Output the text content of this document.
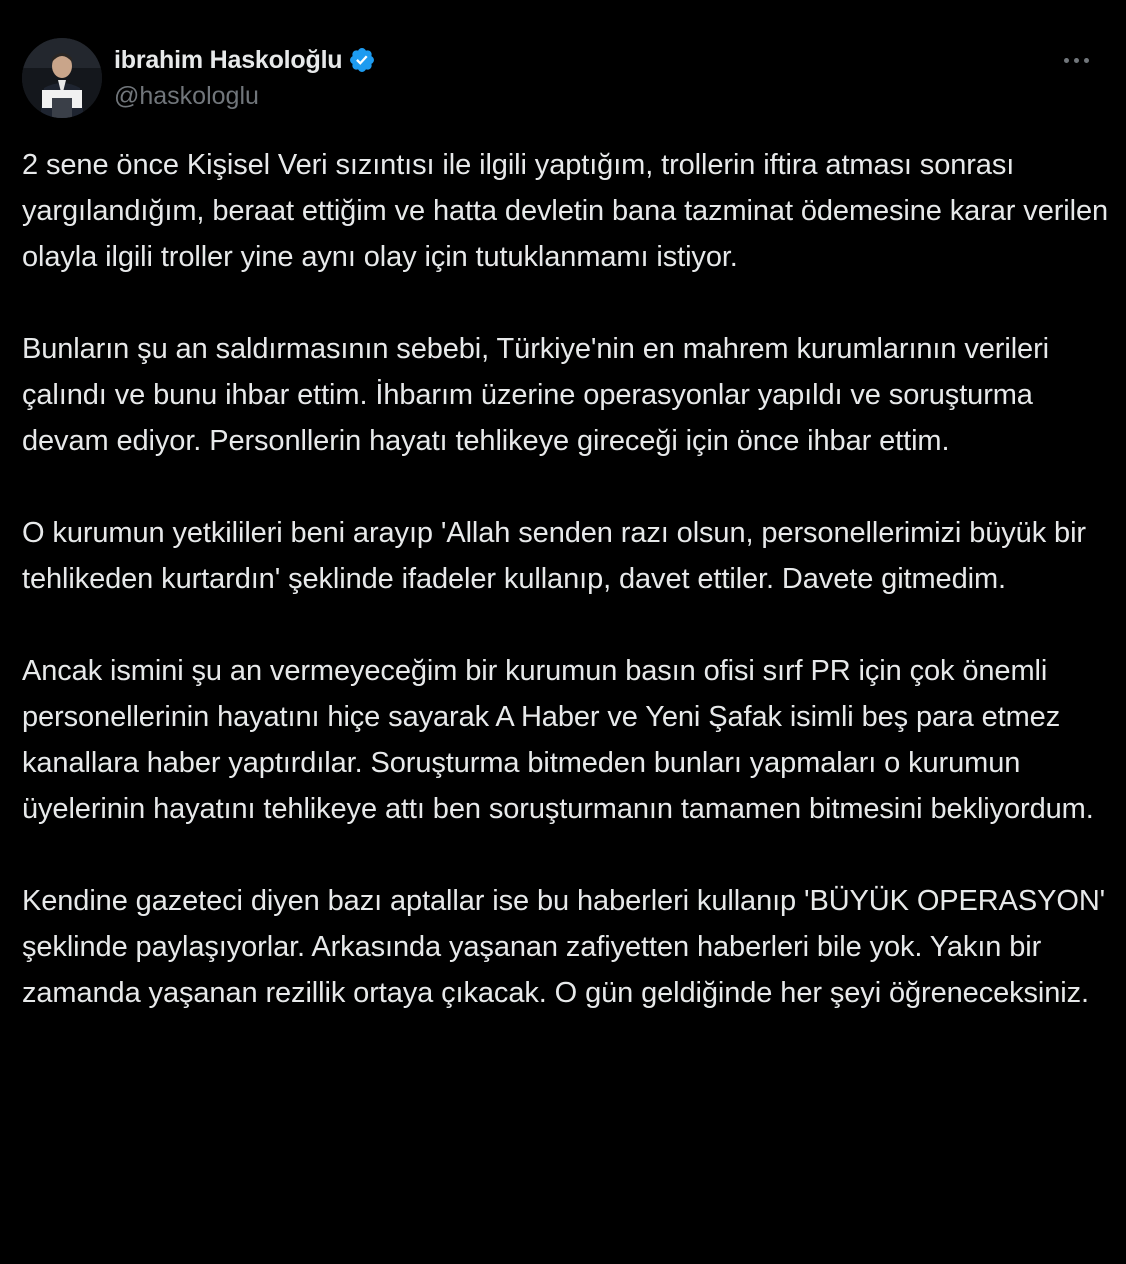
ibrahim Haskoloğlu
@haskologlu

2 sene önce Kişisel Veri sızıntısı ile ilgili yaptığım, trollerin iftira atması sonrası yargılandığım, beraat ettiğim ve hatta devletin bana tazminat ödemesine karar verilen olayla ilgili troller yine aynı olay için tutuklanmamı istiyor.

Bunların şu an saldırmasının sebebi, Türkiye'nin en mahrem kurumlarının verileri çalındı ve bunu ihbar ettim. İhbarım üzerine operasyonlar yapıldı ve soruşturma devam ediyor. Personllerin hayatı tehlikeye gireceği için önce ihbar ettim.

O kurumun yetkilileri beni arayıp 'Allah senden razı olsun, personellerimizi büyük bir tehlikeden kurtardın' şeklinde ifadeler kullanıp, davet ettiler. Davete gitmedim.

Ancak ismini şu an vermeyeceğim bir kurumun basın ofisi sırf PR için çok önemli personellerinin hayatını hiçe sayarak A Haber ve Yeni Şafak isimli beş para etmez kanallara haber yaptırdılar. Soruşturma bitmeden bunları yapmaları o kurumun üyelerinin hayatını tehlikeye attı ben soruşturmanın tamamen bitmesini bekliyordum.

Kendine gazeteci diyen bazı aptallar ise bu haberleri kullanıp 'BÜYÜK OPERASYON' şeklinde paylaşıyorlar. Arkasında yaşanan zafiyetten haberleri bile yok. Yakın bir zamanda yaşanan rezillik ortaya çıkacak. O gün geldiğinde her şeyi öğreneceksiniz.
